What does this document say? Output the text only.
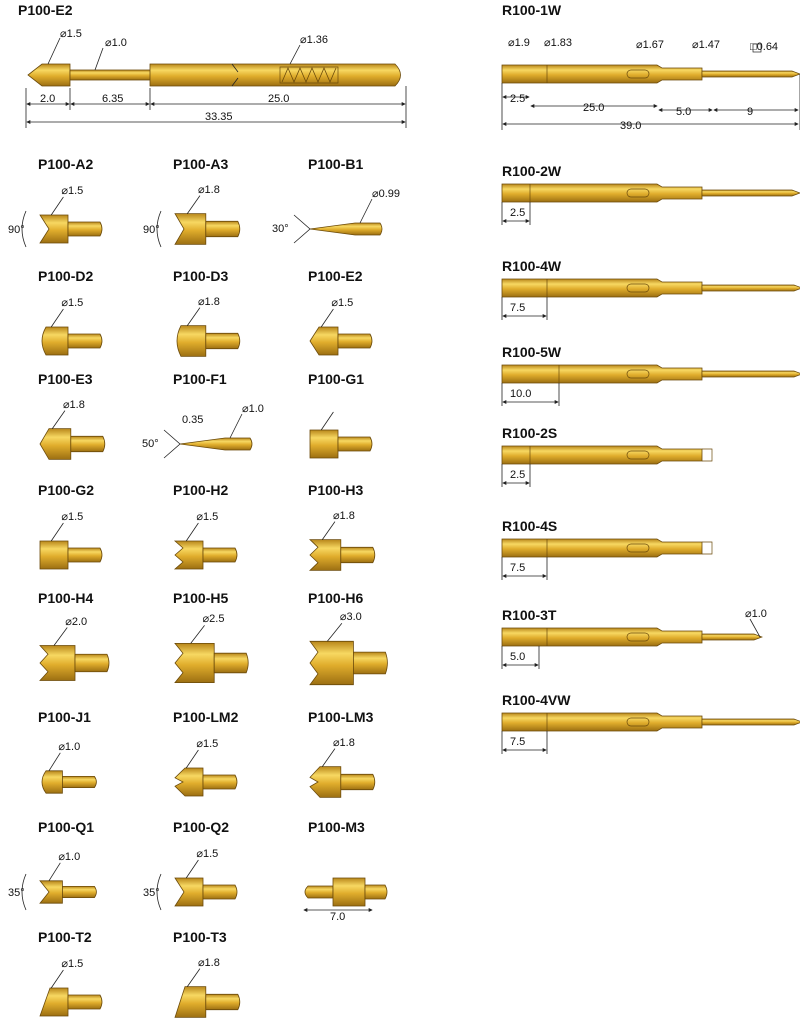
P100-E2
⌀1.5
⌀1.0	⌀1.36
2.0	6.35	25.0
33.35
⌀1.9 ⌀1.83	⌀1.67	⌀1.47	□0.64
2.5
25.0	5.0	9
39.0
P100-A2
⌀1.5
90°
P100-A3
⌀1.8
90°
P100-B1
⌀0.99
30°
P100-D2
⌀1.5
P100-D3
⌀1.8
P100-E2
⌀1.5
P100-E3
⌀1.8
P100-F1
⌀1.0
50°
0.35
P100-G1
P100-G2
⌀1.5
P100-H2
⌀1.5
P100-H3
⌀1.8
P100-H4
⌀2.0
P100-H5
⌀2.5
P100-H6
⌀3.0
P100-J1
⌀1.0
P100-LM2
⌀1.5
P100-LM3
⌀1.8
P100-Q1
⌀1.0
35°
P100-Q2
⌀1.5
35°
P100-M3
7.0
P100-T2
⌀1.5
P100-T3
⌀1.8
R100-1W
R100-2W
2.5
R100-4W
7.5
R100-5W
10.0
R100-2S
2.5
R100-4S
7.5
R100-3T
5.0
⌀1.0
R100-4VW
7.5
